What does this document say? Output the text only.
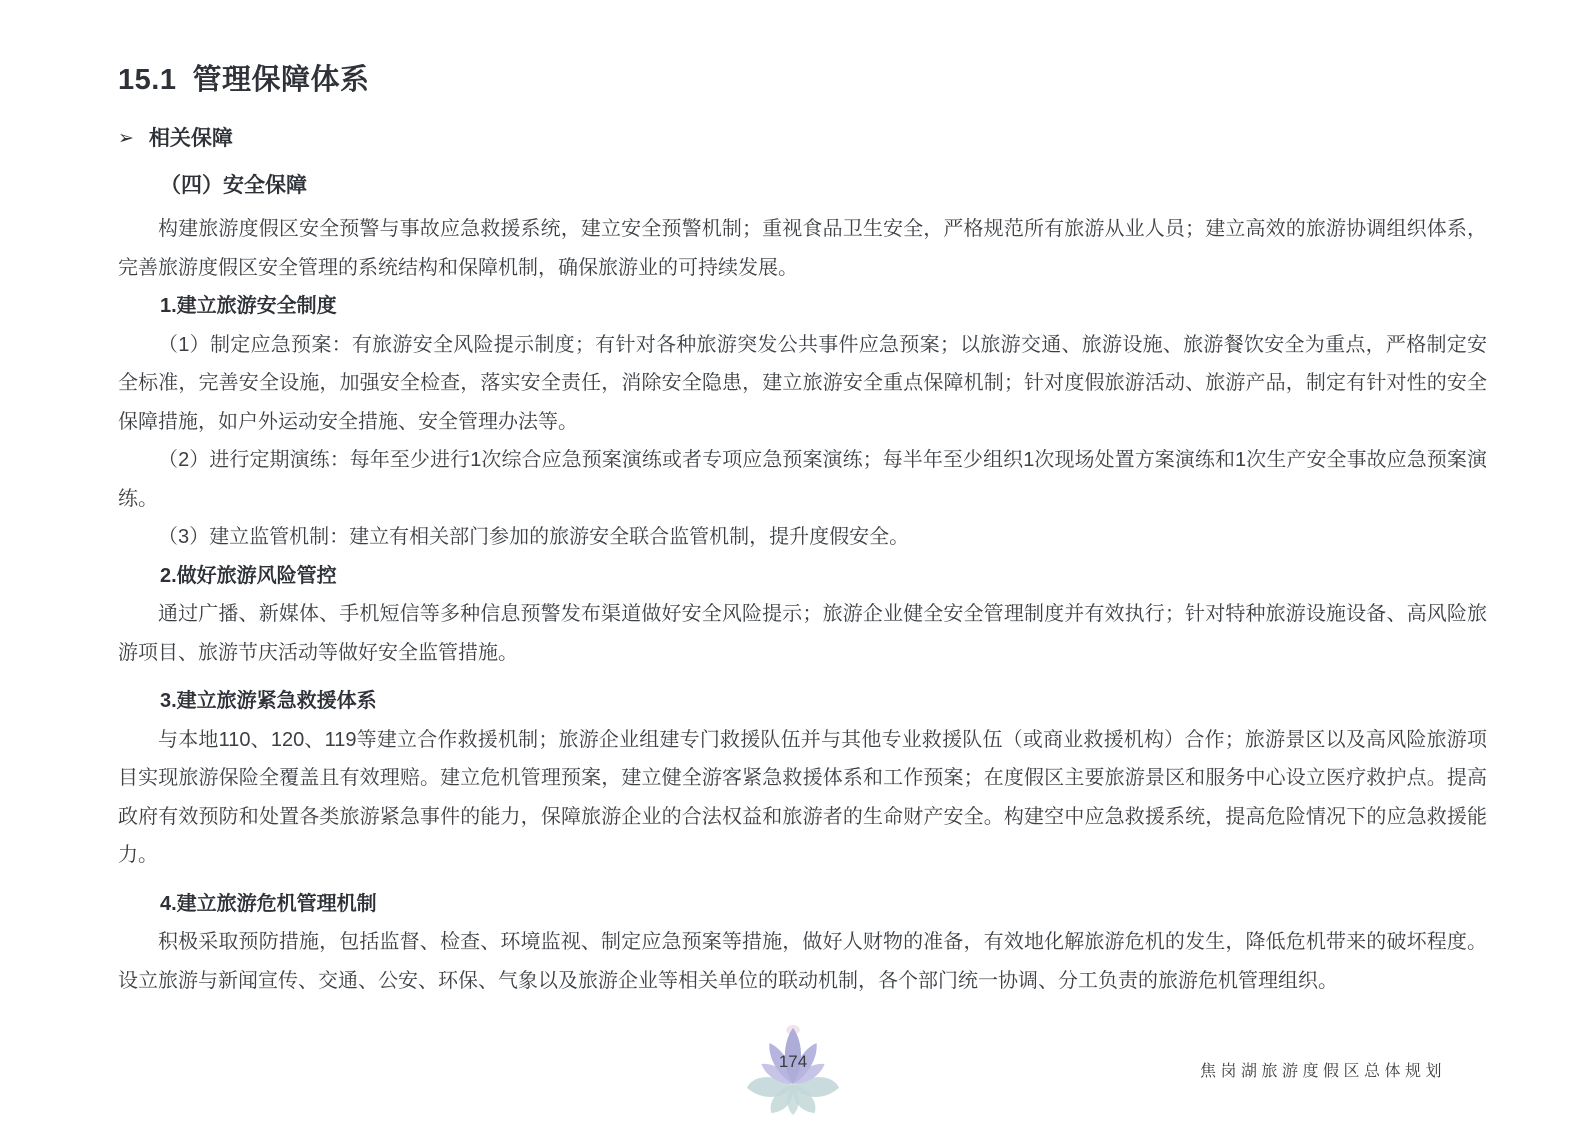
15.1 管理保障体系
➢ 相关保障

（四）安全保障

构建旅游度假区安全预警与事故应急救援系统，建立安全预警机制；重视食品卫生安全，严格规范所有旅游从业人员；建立高效的旅游协调组织体系，完善旅游度假区安全管理的系统结构和保障机制，确保旅游业的可持续发展。

1.建立旅游安全制度

（1）制定应急预案：有旅游安全风险提示制度；有针对各种旅游突发公共事件应急预案；以旅游交通、旅游设施、旅游餐饮安全为重点，严格制定安全标准，完善安全设施，加强安全检查，落实安全责任，消除安全隐患，建立旅游安全重点保障机制；针对度假旅游活动、旅游产品，制定有针对性的安全保障措施，如户外运动安全措施、安全管理办法等。

（2）进行定期演练：每年至少进行1次综合应急预案演练或者专项应急预案演练；每半年至少组织1次现场处置方案演练和1次生产安全事故应急预案演练。

（3）建立监管机制：建立有相关部门参加的旅游安全联合监管机制，提升度假安全。

2.做好旅游风险管控

通过广播、新媒体、手机短信等多种信息预警发布渠道做好安全风险提示；旅游企业健全安全管理制度并有效执行；针对特种旅游设施设备、高风险旅游项目、旅游节庆活动等做好安全监管措施。

3.建立旅游紧急救援体系

与本地110、120、119等建立合作救援机制；旅游企业组建专门救援队伍并与其他专业救援队伍（或商业救援机构）合作；旅游景区以及高风险旅游项目实现旅游保险全覆盖且有效理赔。建立危机管理预案，建立健全游客紧急救援体系和工作预案；在度假区主要旅游景区和服务中心设立医疗救护点。提高政府有效预防和处置各类旅游紧急事件的能力，保障旅游企业的合法权益和旅游者的生命财产安全。构建空中应急救援系统，提高危险情况下的应急救援能力。

4.建立旅游危机管理机制

积极采取预防措施，包括监督、检查、环境监视、制定应急预案等措施，做好人财物的准备，有效地化解旅游危机的发生，降低危机带来的破坏程度。设立旅游与新闻宣传、交通、公安、环保、气象以及旅游企业等相关单位的联动机制，各个部门统一协调、分工负责的旅游危机管理组织。

174
焦岗湖旅游度假区总体规划
